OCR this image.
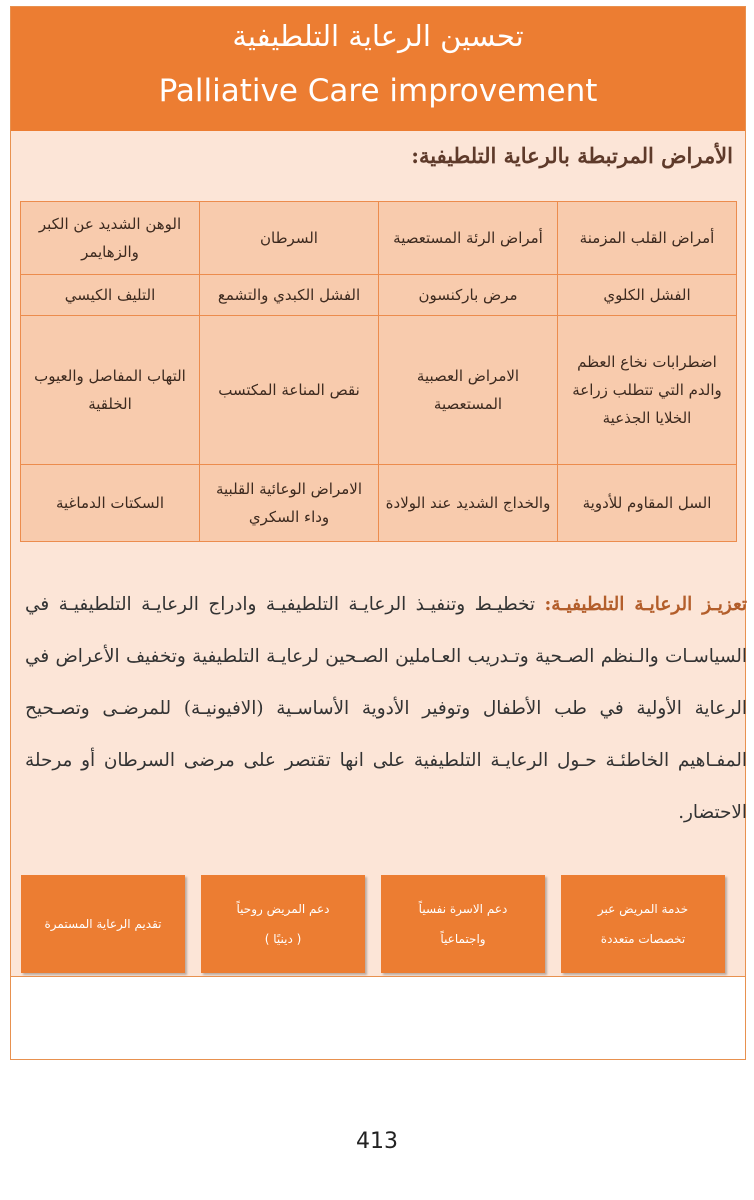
تحسين الرعاية التلطيفية
Palliative Care improvement
الأمراض المرتبطة بالرعاية التلطيفية:
أمراض القلب المزمنة	أمراض الرئة المستعصية	السرطان	الوهن الشديد عن الكبر والزهايمر
الفشل الكلوي	مرض باركنسون	الفشل الكبدي والتشمع	التليف الكيسي
اضطرابات نخاع العظم والدم التي تتطلب زراعة الخلايا الجذعية	الامراض العصبية المستعصية	نقص المناعة المكتسب	التهاب المفاصل والعيوب الخلقية
السل المقاوم للأدوية	والخداج الشديد عند الولادة	الامراض الوعائية القلبية وداء السكري	السكتات الدماغية
تعزيـز الرعايـة التلطيفيـة: تخطيـط وتنفيـذ الرعايـة التلطيفيـة وادراج الرعايـة التلطيفيـة في السياسـات والـنظم الصـحية وتـدريب العـاملين الصـحين لرعايـة التلطيفية وتخفيف الأعراض في الرعاية الأولية في طب الأطفال وتوفير الأدوية الأساسـية (الافيونيـة) للمرضـى وتصـحيح المفـاهيم الخاطئـة حـول الرعايـة التلطيفية على انها تقتصر على مرضى السرطان أو مرحلة الاحتضار.
خدمة المريض عبر
تخصصات متعددة
دعم الاسرة نفسياً
واجتماعياً
دعم المريض روحياً
( دينيًا )
تقديم الرعاية المستمرة
413
